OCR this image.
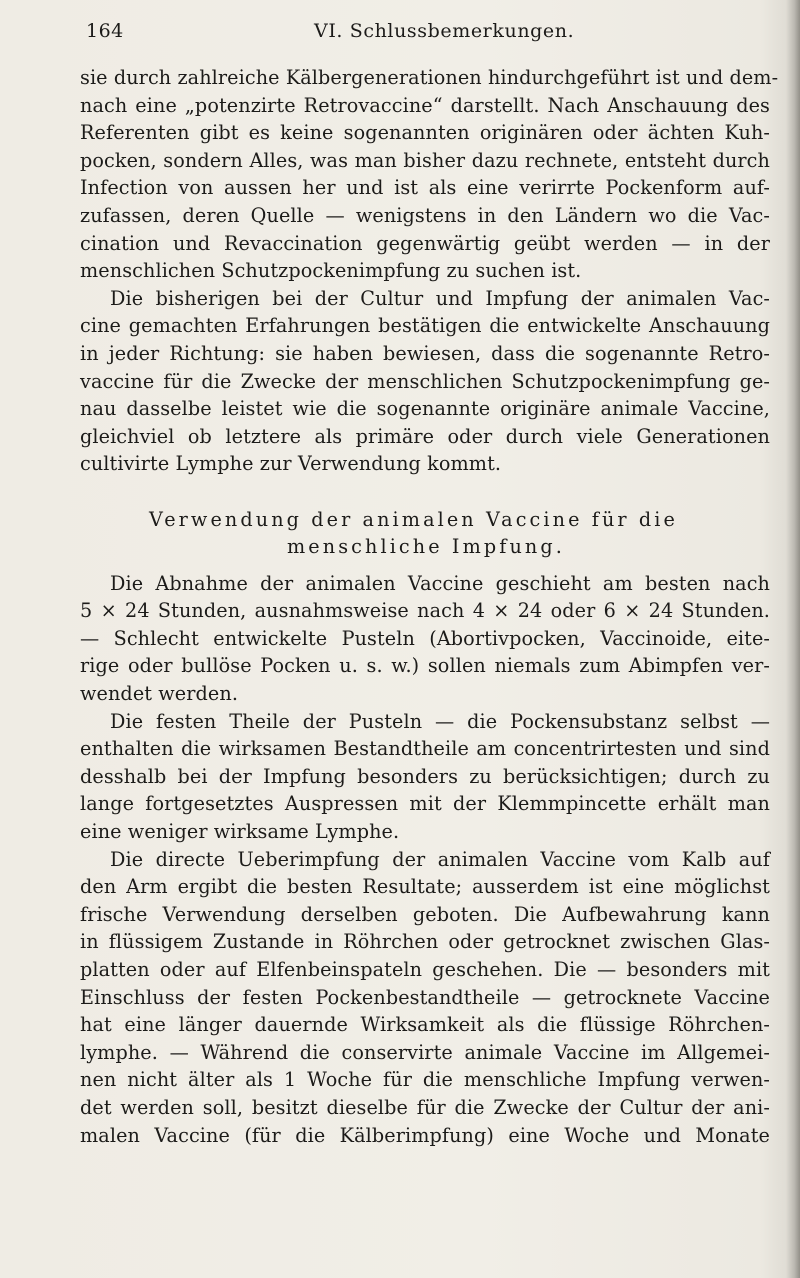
164	VI. Schlussbemerkungen.
sie durch zahlreiche Kälbergenerationen hindurchgeführt ist und dem-
nach eine „potenzirte Retrovaccine“ darstellt. Nach Anschauung des
Referenten gibt es keine sogenannten originären oder ächten Kuh-
pocken, sondern Alles, was man bisher dazu rechnete, entsteht durch
Infection von aussen her und ist als eine verirrte Pockenform auf-
zufassen, deren Quelle — wenigstens in den Ländern wo die Vac-
cination und Revaccination gegenwärtig geübt werden — in der
menschlichen Schutzpockenimpfung zu suchen ist.
Die bisherigen bei der Cultur und Impfung der animalen Vac-
cine gemachten Erfahrungen bestätigen die entwickelte Anschauung
in jeder Richtung: sie haben bewiesen, dass die sogenannte Retro-
vaccine für die Zwecke der menschlichen Schutzpockenimpfung ge-
nau dasselbe leistet wie die sogenannte originäre animale Vaccine,
gleichviel ob letztere als primäre oder durch viele Generationen
cultivirte Lymphe zur Verwendung kommt.
Verwendung der animalen Vaccine für die
menschliche Impfung.
Die Abnahme der animalen Vaccine geschieht am besten nach
5 × 24 Stunden, ausnahmsweise nach 4 × 24 oder 6 × 24 Stunden.
— Schlecht entwickelte Pusteln (Abortivpocken, Vaccinoide, eite-
rige oder bullöse Pocken u. s. w.) sollen niemals zum Abimpfen ver-
wendet werden.
Die festen Theile der Pusteln — die Pockensubstanz selbst —
enthalten die wirksamen Bestandtheile am concentrirtesten und sind
desshalb bei der Impfung besonders zu berücksichtigen; durch zu
lange fortgesetztes Auspressen mit der Klemmpincette erhält man
eine weniger wirksame Lymphe.
Die directe Ueberimpfung der animalen Vaccine vom Kalb auf
den Arm ergibt die besten Resultate; ausserdem ist eine möglichst
frische Verwendung derselben geboten. Die Aufbewahrung kann
in flüssigem Zustande in Röhrchen oder getrocknet zwischen Glas-
platten oder auf Elfenbeinspateln geschehen. Die — besonders mit
Einschluss der festen Pockenbestandtheile — getrocknete Vaccine
hat eine länger dauernde Wirksamkeit als die flüssige Röhrchen-
lymphe. — Während die conservirte animale Vaccine im Allgemei-
nen nicht älter als 1 Woche für die menschliche Impfung verwen-
det werden soll, besitzt dieselbe für die Zwecke der Cultur der ani-
malen Vaccine (für die Kälberimpfung) eine Woche und Monate
